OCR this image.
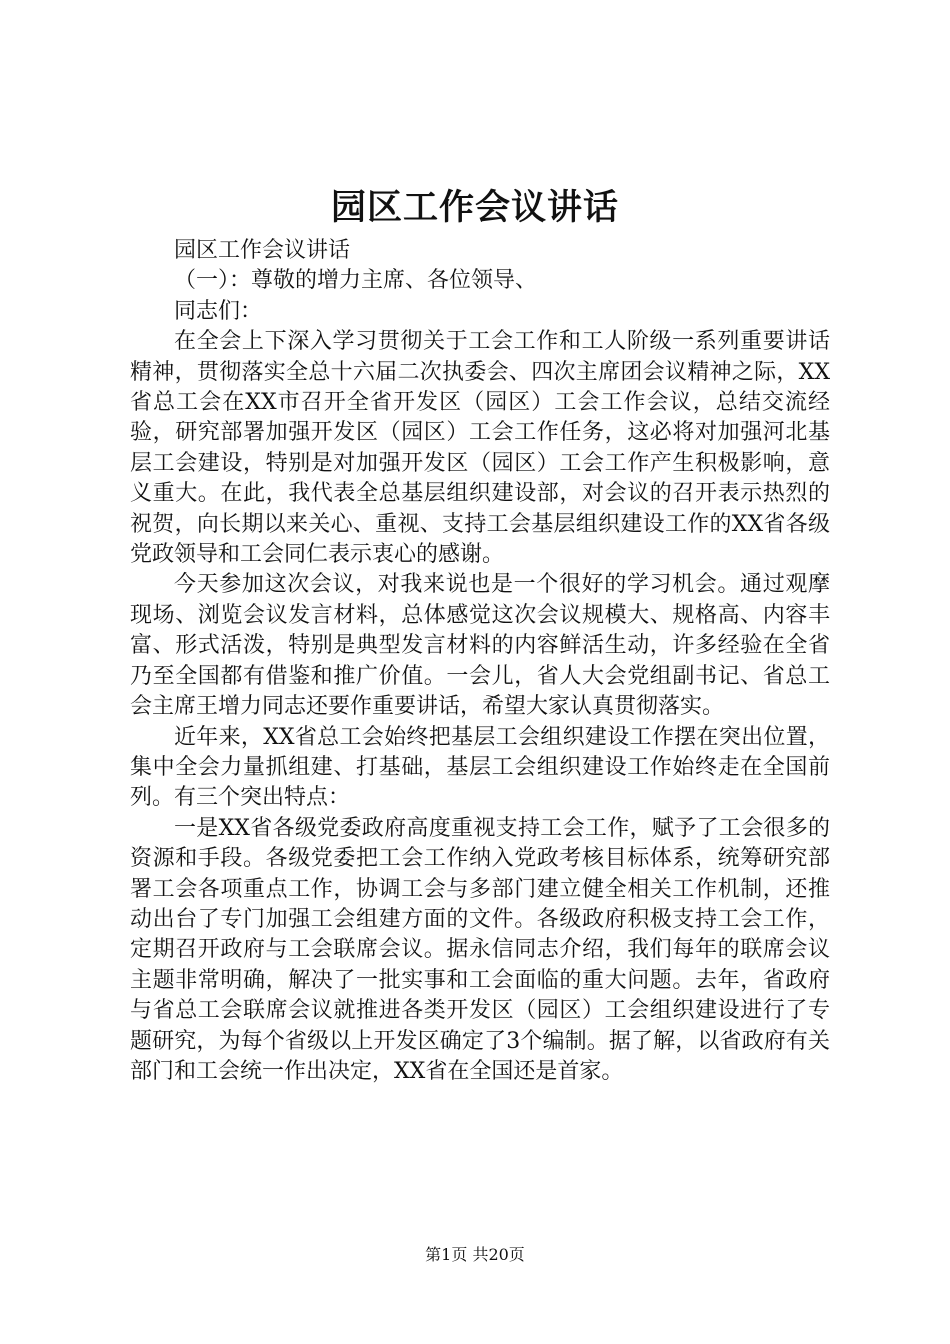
园区工作会议讲话

园区工作会议讲话

（一）：尊敬的增力主席、各位领导、

同志们：

在全会上下深入学习贯彻关于工会工作和工人阶级一系列重要讲话精神，贯彻落实全总十六届二次执委会、四次主席团会议精神之际，XX省总工会在XX市召开全省开发区（园区）工会工作会议，总结交流经验，研究部署加强开发区（园区）工会工作任务，这必将对加强河北基层工会建设，特别是对加强开发区（园区）工会工作产生积极影响，意义重大。在此，我代表全总基层组织建设部，对会议的召开表示热烈的祝贺，向长期以来关心、重视、支持工会基层组织建设工作的XX省各级党政领导和工会同仁表示衷心的感谢。

今天参加这次会议，对我来说也是一个很好的学习机会。通过观摩现场、浏览会议发言材料，总体感觉这次会议规模大、规格高、内容丰富、形式活泼，特别是典型发言材料的内容鲜活生动，许多经验在全省乃至全国都有借鉴和推广价值。一会儿，省人大会党组副书记、省总工会主席王增力同志还要作重要讲话，希望大家认真贯彻落实。

近年来，XX省总工会始终把基层工会组织建设工作摆在突出位置，集中全会力量抓组建、打基础，基层工会组织建设工作始终走在全国前列。有三个突出特点：

一是XX省各级党委政府高度重视支持工会工作，赋予了工会很多的资源和手段。各级党委把工会工作纳入党政考核目标体系，统筹研究部署工会各项重点工作，协调工会与多部门建立健全相关工作机制，还推动出台了专门加强工会组建方面的文件。各级政府积极支持工会工作，定期召开政府与工会联席会议。据永信同志介绍，我们每年的联席会议主题非常明确，解决了一批实事和工会面临的重大问题。去年，省政府与省总工会联席会议就推进各类开发区（园区）工会组织建设进行了专题研究，为每个省级以上开发区确定了3个编制。据了解，以省政府有关部门和工会统一作出决定，XX省在全国还是首家。

第1页 共20页
